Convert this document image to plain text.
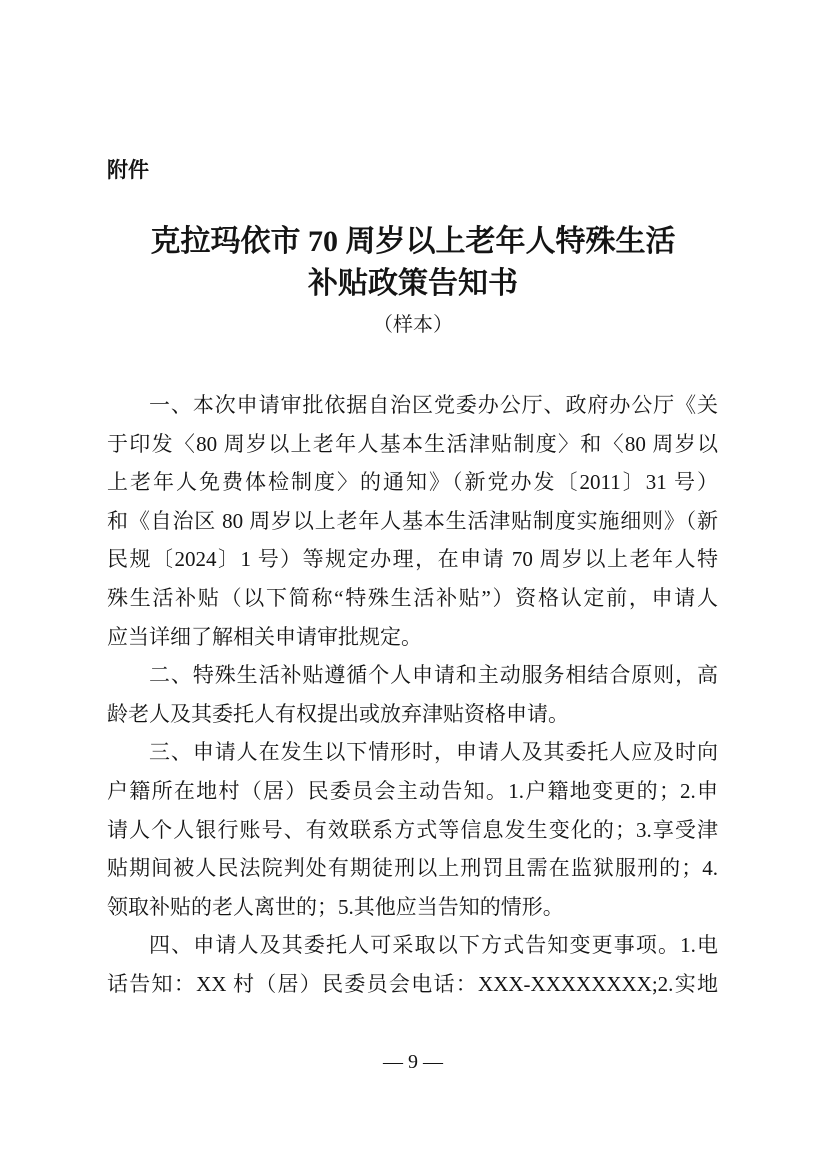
附件
克拉玛依市 70 周岁以上老年人特殊生活
补贴政策告知书
（样本）
一、本次申请审批依据自治区党委办公厅、政府办公厅《关
于印发〈80 周岁以上老年人基本生活津贴制度〉和〈80 周岁以
上老年人免费体检制度〉的通知》（新党办发〔2011〕31 号）
和《自治区 80 周岁以上老年人基本生活津贴制度实施细则》（新
民规〔2024〕1 号）等规定办理，在申请 70 周岁以上老年人特
殊生活补贴（以下简称“特殊生活补贴”）资格认定前，申请人
应当详细了解相关申请审批规定。
二、特殊生活补贴遵循个人申请和主动服务相结合原则，高
龄老人及其委托人有权提出或放弃津贴资格申请。
三、申请人在发生以下情形时，申请人及其委托人应及时向
户籍所在地村（居）民委员会主动告知。1.户籍地变更的；2.申
请人个人银行账号、有效联系方式等信息发生变化的；3.享受津
贴期间被人民法院判处有期徒刑以上刑罚且需在监狱服刑的；4.
领取补贴的老人离世的；5.其他应当告知的情形。
四、申请人及其委托人可采取以下方式告知变更事项。1.电
话告知：XX 村（居）民委员会电话：XXX-XXXXXXXX;2.实地
— 9 —
